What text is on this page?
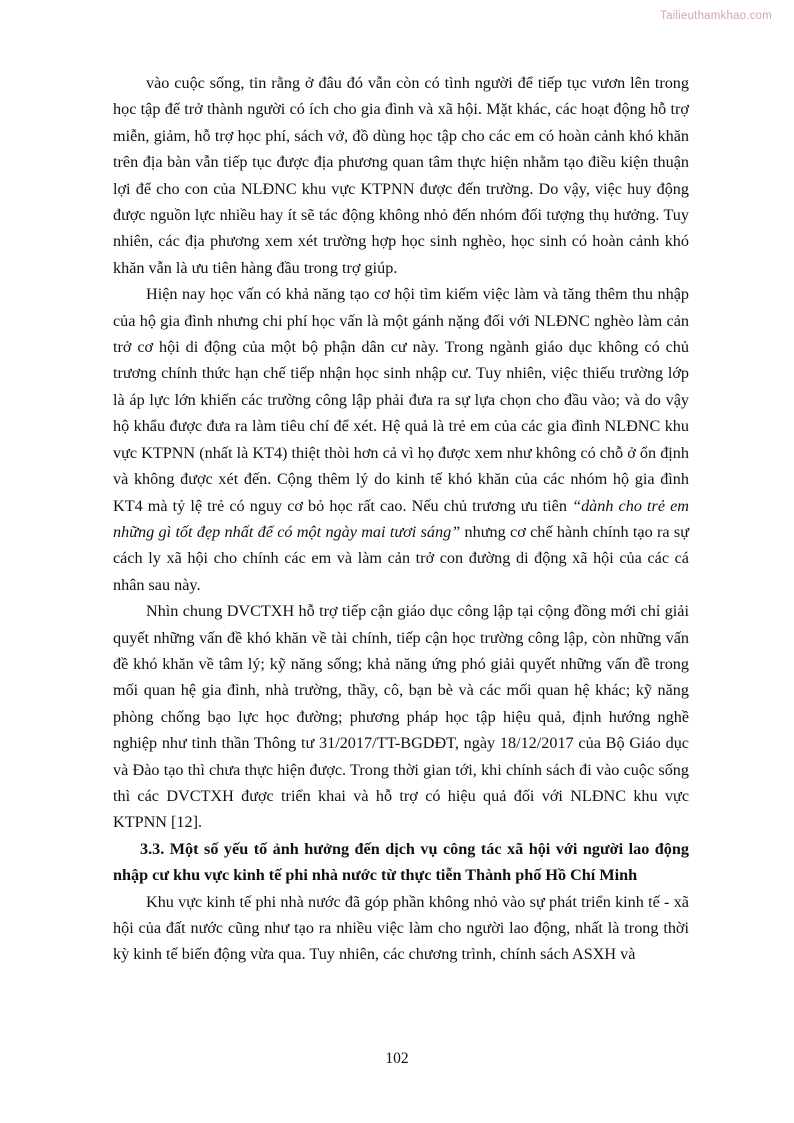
Tailieuthamkhao.com

vào cuộc sống, tin rằng ở đâu đó vẫn còn có tình người để tiếp tục vươn lên trong học tập để trở thành người có ích cho gia đình và xã hội. Mặt khác, các hoạt động hỗ trợ miễn, giảm, hỗ trợ học phí, sách vở, đồ dùng học tập cho các em có hoàn cảnh khó khăn trên địa bàn vẫn tiếp tục được địa phương quan tâm thực hiện nhằm tạo điều kiện thuận lợi để cho con của NLĐNC khu vực KTPNN được đến trường. Do vậy, việc huy động được nguồn lực nhiều hay ít sẽ tác động không nhỏ đến nhóm đối tượng thụ hưởng. Tuy nhiên, các địa phương xem xét trường hợp học sinh nghèo, học sinh có hoàn cảnh khó khăn vẫn là ưu tiên hàng đầu trong trợ giúp.

Hiện nay học vấn có khả năng tạo cơ hội tìm kiếm việc làm và tăng thêm thu nhập của hộ gia đình nhưng chi phí học vấn là một gánh nặng đối với NLĐNC nghèo làm cản trở cơ hội di động của một bộ phận dân cư này. Trong ngành giáo dục không có chủ trương chính thức hạn chế tiếp nhận học sinh nhập cư. Tuy nhiên, việc thiếu trường lớp là áp lực lớn khiến các trường công lập phải đưa ra sự lựa chọn cho đầu vào; và do vậy hộ khẩu được đưa ra làm tiêu chí để xét. Hệ quả là trẻ em của các gia đình NLĐNC khu vực KTPNN (nhất là KT4) thiệt thòi hơn cả vì họ được xem như không có chỗ ở ổn định và không được xét đến. Cộng thêm lý do kinh tế khó khăn của các nhóm hộ gia đình KT4 mà tỷ lệ trẻ có nguy cơ bỏ học rất cao. Nếu chủ trương ưu tiên “dành cho trẻ em những gì tốt đẹp nhất để có một ngày mai tươi sáng” nhưng cơ chế hành chính tạo ra sự cách ly xã hội cho chính các em và làm cản trở con đường di động xã hội của các cá nhân sau này.

Nhìn chung DVCTXH hỗ trợ tiếp cận giáo dục công lập tại cộng đồng mới chỉ giải quyết những vấn đề khó khăn về tài chính, tiếp cận học trường công lập, còn những vấn đề khó khăn về tâm lý; kỹ năng sống; khả năng ứng phó giải quyết những vấn đề trong mối quan hệ gia đình, nhà trường, thầy, cô, bạn bè và các mối quan hệ khác; kỹ năng phòng chống bạo lực học đường; phương pháp học tập hiệu quả, định hướng nghề nghiệp như tinh thần Thông tư 31/2017/TT-BGDĐT, ngày 18/12/2017 của Bộ Giáo dục và Đào tạo thì chưa thực hiện được. Trong thời gian tới, khi chính sách đi vào cuộc sống thì các DVCTXH được triển khai và hỗ trợ có hiệu quả đối với NLĐNC khu vực KTPNN [12].

3.3. Một số yếu tố ảnh hưởng đến dịch vụ công tác xã hội với người lao động nhập cư khu vực kinh tế phi nhà nước từ thực tiễn Thành phố Hồ Chí Minh

Khu vực kinh tế phi nhà nước đã góp phần không nhỏ vào sự phát triển kinh tế - xã hội của đất nước cũng như tạo ra nhiều việc làm cho người lao động, nhất là trong thời kỳ kinh tế biến động vừa qua. Tuy nhiên, các chương trình, chính sách ASXH và

102
